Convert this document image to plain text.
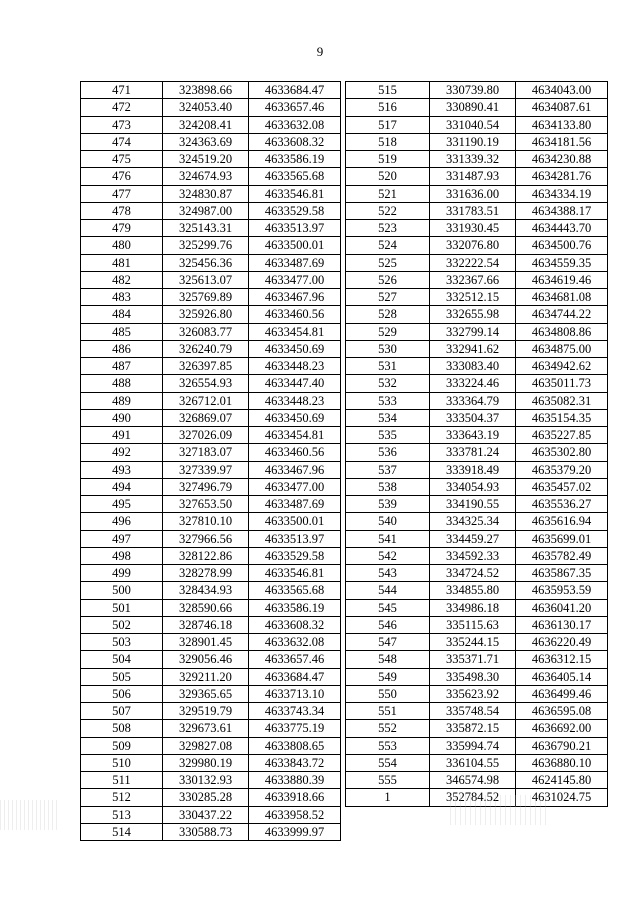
9
471	323898.66	4633684.47
472	324053.40	4633657.46
473	324208.41	4633632.08
474	324363.69	4633608.32
475	324519.20	4633586.19
476	324674.93	4633565.68
477	324830.87	4633546.81
478	324987.00	4633529.58
479	325143.31	4633513.97
480	325299.76	4633500.01
481	325456.36	4633487.69
482	325613.07	4633477.00
483	325769.89	4633467.96
484	325926.80	4633460.56
485	326083.77	4633454.81
486	326240.79	4633450.69
487	326397.85	4633448.23
488	326554.93	4633447.40
489	326712.01	4633448.23
490	326869.07	4633450.69
491	327026.09	4633454.81
492	327183.07	4633460.56
493	327339.97	4633467.96
494	327496.79	4633477.00
495	327653.50	4633487.69
496	327810.10	4633500.01
497	327966.56	4633513.97
498	328122.86	4633529.58
499	328278.99	4633546.81
500	328434.93	4633565.68
501	328590.66	4633586.19
502	328746.18	4633608.32
503	328901.45	4633632.08
504	329056.46	4633657.46
505	329211.20	4633684.47
506	329365.65	4633713.10
507	329519.79	4633743.34
508	329673.61	4633775.19
509	329827.08	4633808.65
510	329980.19	4633843.72
511	330132.93	4633880.39
512	330285.28	4633918.66
513	330437.22	4633958.52
514	330588.73	4633999.97
515	330739.80	4634043.00
516	330890.41	4634087.61
517	331040.54	4634133.80
518	331190.19	4634181.56
519	331339.32	4634230.88
520	331487.93	4634281.76
521	331636.00	4634334.19
522	331783.51	4634388.17
523	331930.45	4634443.70
524	332076.80	4634500.76
525	332222.54	4634559.35
526	332367.66	4634619.46
527	332512.15	4634681.08
528	332655.98	4634744.22
529	332799.14	4634808.86
530	332941.62	4634875.00
531	333083.40	4634942.62
532	333224.46	4635011.73
533	333364.79	4635082.31
534	333504.37	4635154.35
535	333643.19	4635227.85
536	333781.24	4635302.80
537	333918.49	4635379.20
538	334054.93	4635457.02
539	334190.55	4635536.27
540	334325.34	4635616.94
541	334459.27	4635699.01
542	334592.33	4635782.49
543	334724.52	4635867.35
544	334855.80	4635953.59
545	334986.18	4636041.20
546	335115.63	4636130.17
547	335244.15	4636220.49
548	335371.71	4636312.15
549	335498.30	4636405.14
550	335623.92	4636499.46
551	335748.54	4636595.08
552	335872.15	4636692.00
553	335994.74	4636790.21
554	336104.55	4636880.10
555	346574.98	4624145.80
1	352784.52	4631024.75
